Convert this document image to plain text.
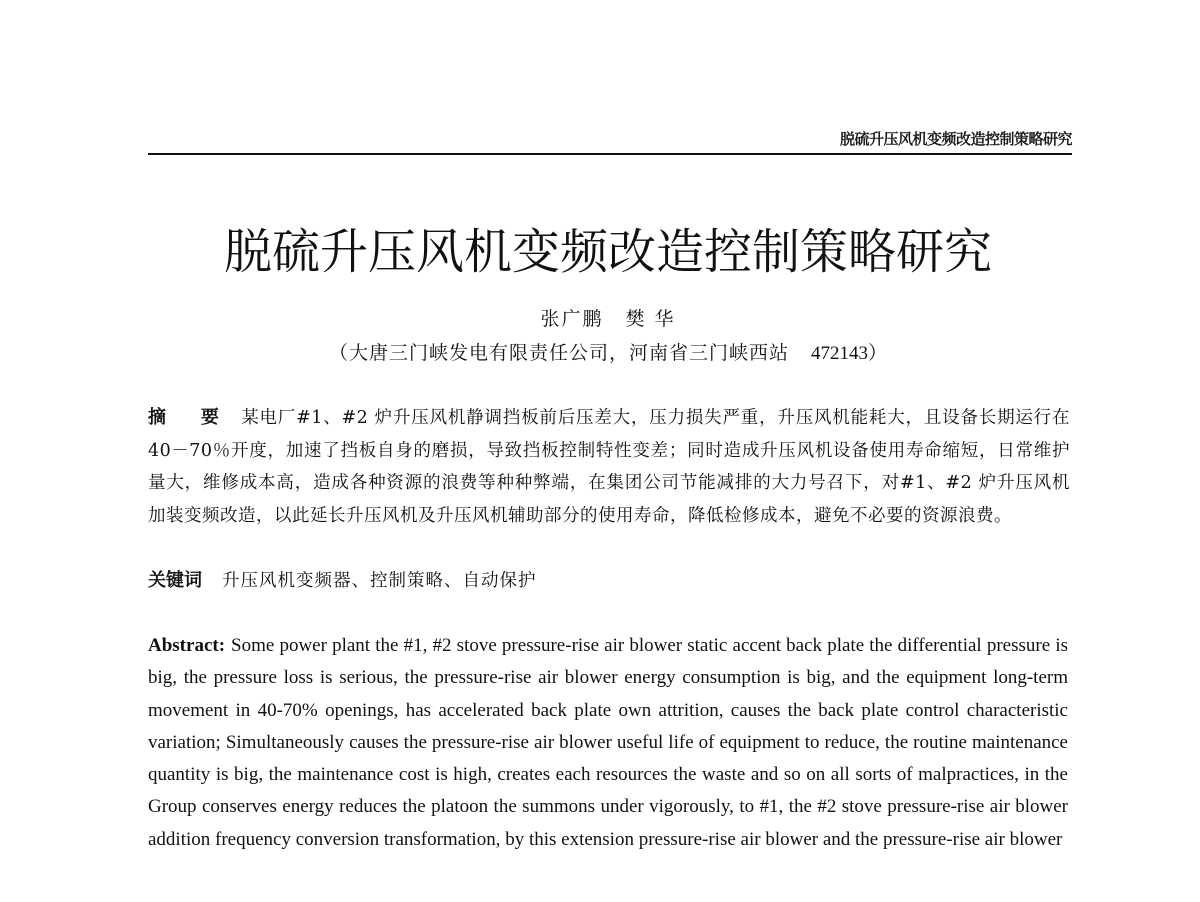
脱硫升压风机变频改造控制策略研究
脱硫升压风机变频改造控制策略研究
张广鹏 樊 华
（大唐三门峡发电有限责任公司，河南省三门峡西站 472143）

摘 要 某电厂#1、#2 炉升压风机静调挡板前后压差大，压力损失严重，升压风机能耗大，且设备长期运行在 40－70％开度，加速了挡板自身的磨损，导致挡板控制特性变差；同时造成升压风机设备使用寿命缩短，日常维护量大，维修成本高，造成各种资源的浪费等种种弊端，在集团公司节能减排的大力号召下，对#1、#2 炉升压风机加装变频改造，以此延长升压风机及升压风机辅助部分的使用寿命，降低检修成本，避免不必要的资源浪费。

关键词 升压风机变频器、控制策略、自动保护

Abstract: Some power plant the #1, #2 stove pressure-rise air blower static accent back plate the differential pressure is big, the pressure loss is serious, the pressure-rise air blower energy consumption is big, and the equipment long-term movement in 40-70% openings, has accelerated back plate own attrition, causes the back plate control characteristic variation; Simultaneously causes the pressure-rise air blower useful life of equipment to reduce, the routine maintenance quantity is big, the maintenance cost is high, creates each resources the waste and so on all sorts of malpractices, in the Group conserves energy reduces the platoon the summons under vigorously, to #1, the #2 stove pressure-rise air blower addition frequency conversion transformation, by this extension pressure-rise air blower and the pressure-rise air blower
